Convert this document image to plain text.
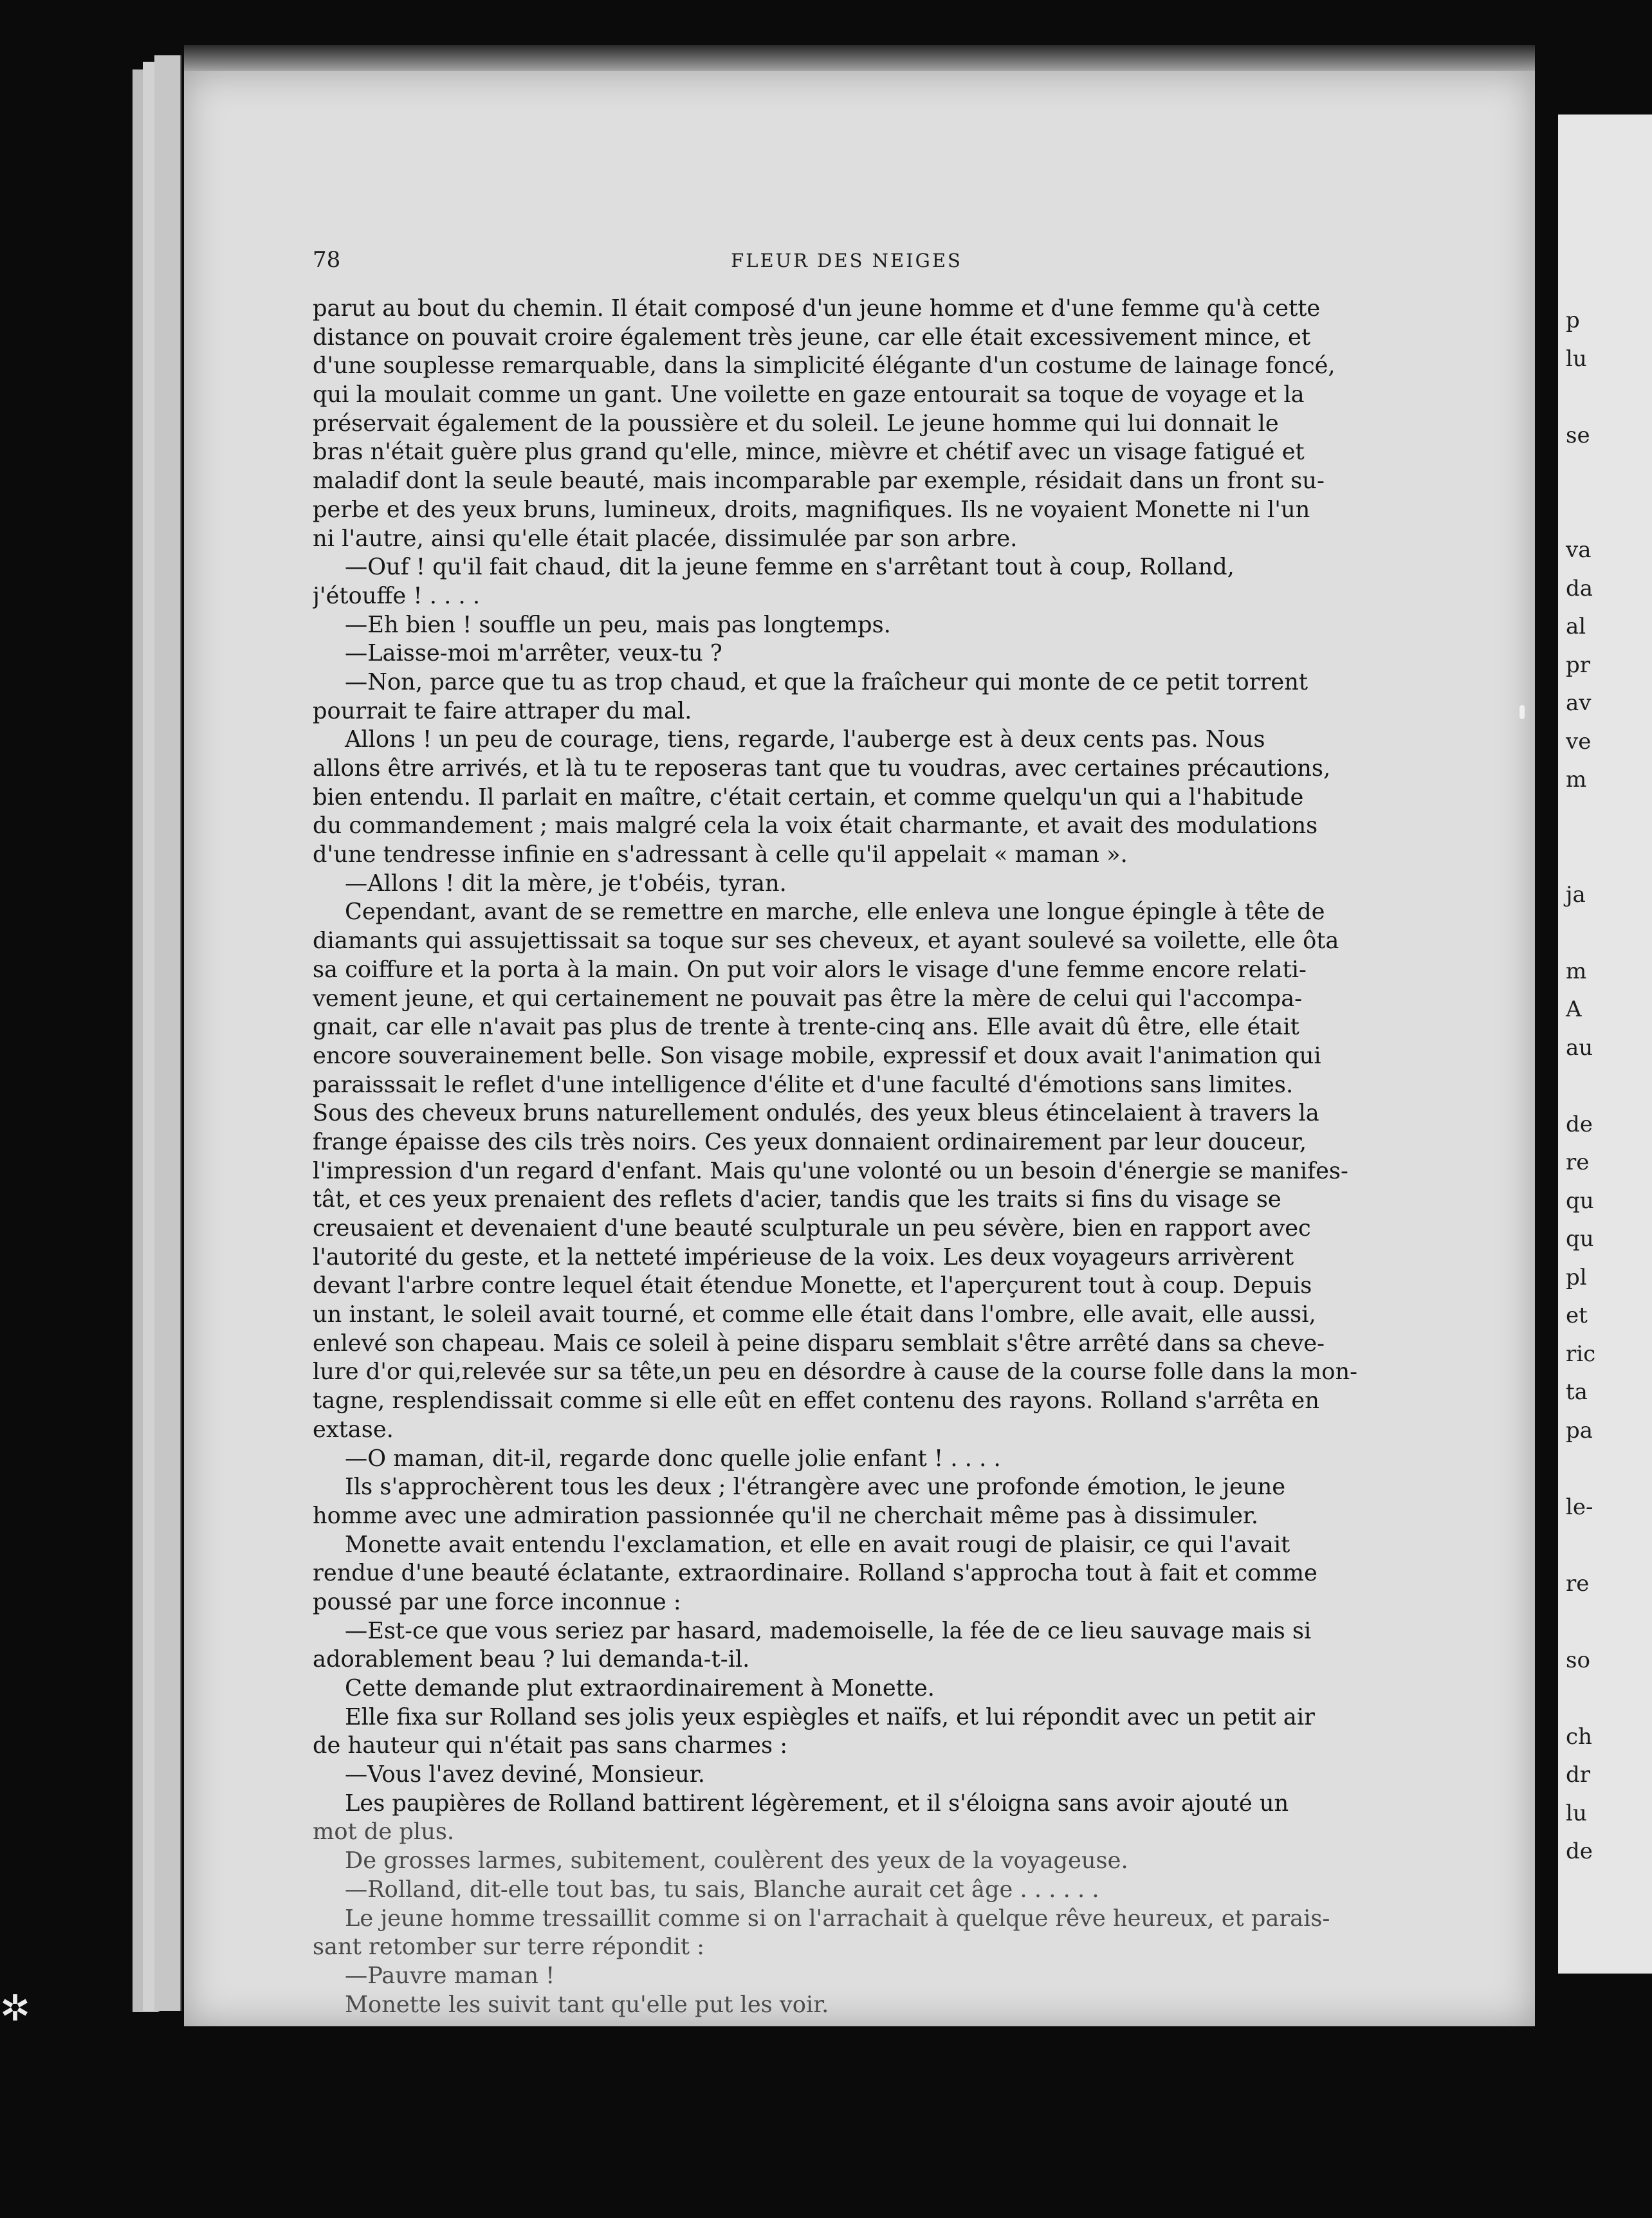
p
lu
se
va
da
al
pr
av
ve
m
ja
m
A
au
de
re
qu
qu
pl
et
ric
ta
pa
le-
re
so
ch
dr
lu
de
78	FLEUR DES NEIGES
parut au bout du chemin. Il était composé d'un jeune homme et d'une femme qu'à cette
distance on pouvait croire également très jeune, car elle était excessivement mince, et
d'une souplesse remarquable, dans la simplicité élégante d'un costume de lainage foncé,
qui la moulait comme un gant. Une voilette en gaze entourait sa toque de voyage et la
préservait également de la poussière et du soleil. Le jeune homme qui lui donnait le
bras n'était guère plus grand qu'elle, mince, mièvre et chétif avec un visage fatigué et
maladif dont la seule beauté, mais incomparable par exemple, résidait dans un front su-
perbe et des yeux bruns, lumineux, droits, magnifiques. Ils ne voyaient Monette ni l'un
ni l'autre, ainsi qu'elle était placée, dissimulée par son arbre.
—Ouf ! qu'il fait chaud, dit la jeune femme en s'arrêtant tout à coup, Rolland,
j'étouffe ! . . . .
—Eh bien ! souffle un peu, mais pas longtemps.
—Laisse-moi m'arrêter, veux-tu ?
—Non, parce que tu as trop chaud, et que la fraîcheur qui monte de ce petit torrent
pourrait te faire attraper du mal.
Allons ! un peu de courage, tiens, regarde, l'auberge est à deux cents pas. Nous
allons être arrivés, et là tu te reposeras tant que tu voudras, avec certaines précautions,
bien entendu. Il parlait en maître, c'était certain, et comme quelqu'un qui a l'habitude
du commandement ; mais malgré cela la voix était charmante, et avait des modulations
d'une tendresse infinie en s'adressant à celle qu'il appelait « maman ».
—Allons ! dit la mère, je t'obéis, tyran.
Cependant, avant de se remettre en marche, elle enleva une longue épingle à tête de
diamants qui assujettissait sa toque sur ses cheveux, et ayant soulevé sa voilette, elle ôta
sa coiffure et la porta à la main. On put voir alors le visage d'une femme encore relati-
vement jeune, et qui certainement ne pouvait pas être la mère de celui qui l'accompa-
gnait, car elle n'avait pas plus de trente à trente-cinq ans. Elle avait dû être, elle était
encore souverainement belle. Son visage mobile, expressif et doux avait l'animation qui
paraisssait le reflet d'une intelligence d'élite et d'une faculté d'émotions sans limites.
Sous des cheveux bruns naturellement ondulés, des yeux bleus étincelaient à travers la
frange épaisse des cils très noirs. Ces yeux donnaient ordinairement par leur douceur,
l'impression d'un regard d'enfant. Mais qu'une volonté ou un besoin d'énergie se manifes-
tât, et ces yeux prenaient des reflets d'acier, tandis que les traits si fins du visage se
creusaient et devenaient d'une beauté sculpturale un peu sévère, bien en rapport avec
l'autorité du geste, et la netteté impérieuse de la voix. Les deux voyageurs arrivèrent
devant l'arbre contre lequel était étendue Monette, et l'aperçurent tout à coup. Depuis
un instant, le soleil avait tourné, et comme elle était dans l'ombre, elle avait, elle aussi,
enlevé son chapeau. Mais ce soleil à peine disparu semblait s'être arrêté dans sa cheve-
lure d'or qui,relevée sur sa tête,un peu en désordre à cause de la course folle dans la mon-
tagne, resplendissait comme si elle eût en effet contenu des rayons. Rolland s'arrêta en
extase.
—O maman, dit-il, regarde donc quelle jolie enfant ! . . . .
Ils s'approchèrent tous les deux ; l'étrangère avec une profonde émotion, le jeune
homme avec une admiration passionnée qu'il ne cherchait même pas à dissimuler.
Monette avait entendu l'exclamation, et elle en avait rougi de plaisir, ce qui l'avait
rendue d'une beauté éclatante, extraordinaire. Rolland s'approcha tout à fait et comme
poussé par une force inconnue :
—Est-ce que vous seriez par hasard, mademoiselle, la fée de ce lieu sauvage mais si
adorablement beau ? lui demanda-t-il.
Cette demande plut extraordinairement à Monette.
Elle fixa sur Rolland ses jolis yeux espiègles et naïfs, et lui répondit avec un petit air
de hauteur qui n'était pas sans charmes :
—Vous l'avez deviné, Monsieur.
Les paupières de Rolland battirent légèrement, et il s'éloigna sans avoir ajouté un
mot de plus.
De grosses larmes, subitement, coulèrent des yeux de la voyageuse.
—Rolland, dit-elle tout bas, tu sais, Blanche aurait cet âge . . . . . .
Le jeune homme tressaillit comme si on l'arrachait à quelque rêve heureux, et parais-
sant retomber sur terre répondit :
—Pauvre maman !
Monette les suivit tant qu'elle put les voir.
✲
